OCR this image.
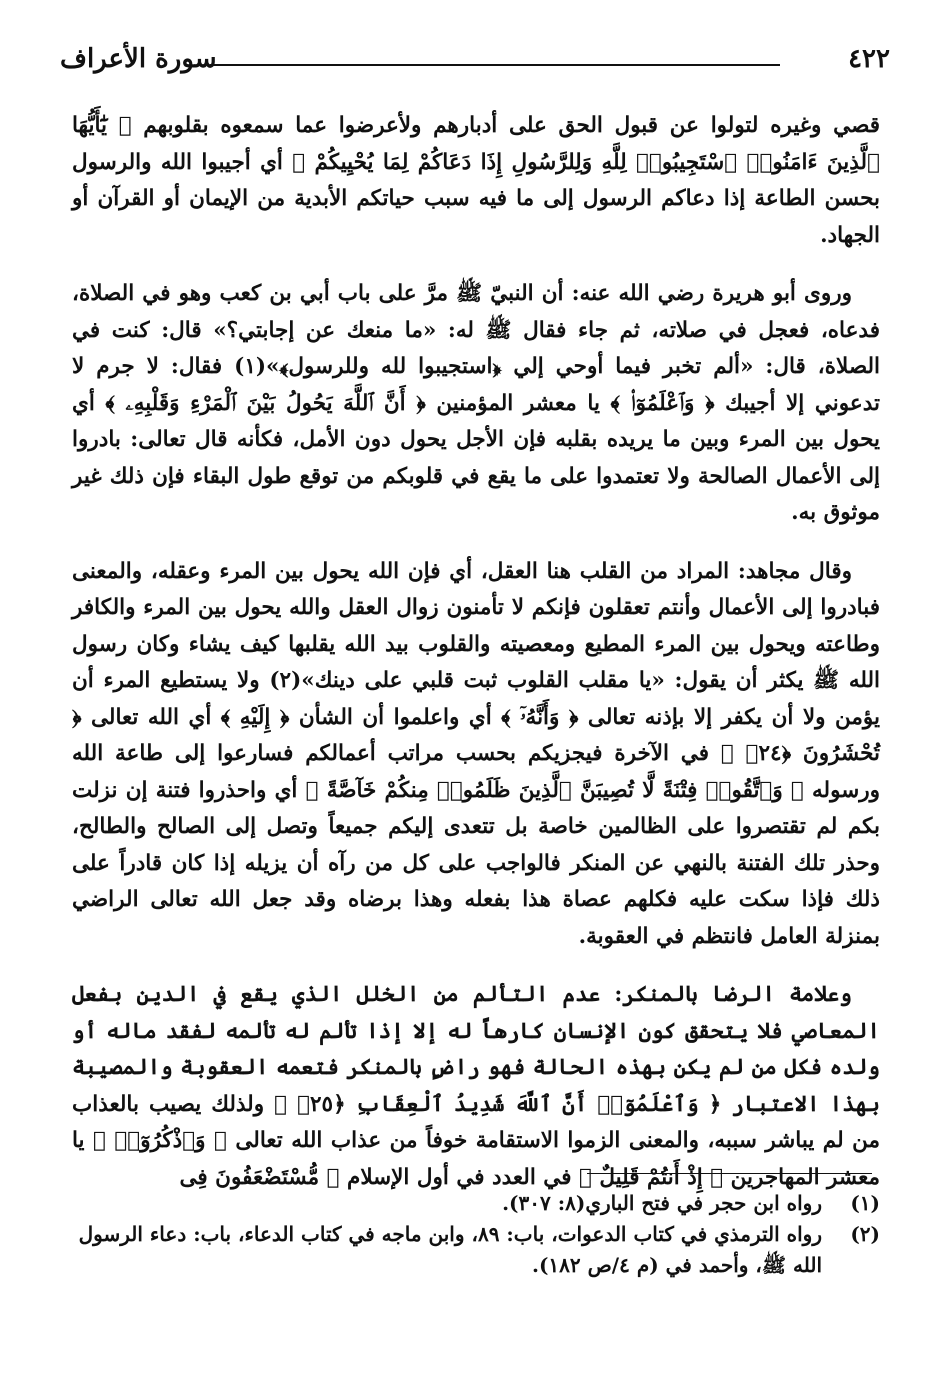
٤٢٢
سورة الأعراف

قصي وغيره لتولوا عن قبول الحق على أدبارهم ولأعرضوا عما سمعوه بقلوبهم ﴿ يَٰٓأَيُّهَا ٱلَّذِينَ ءَامَنُوا۟ ٱسْتَجِيبُوا۟ لِلَّهِ وَلِلرَّسُولِ إِذَا دَعَاكُمْ لِمَا يُحْيِيكُمْ ﴾ أي أجيبوا الله والرسول بحسن الطاعة إذا دعاكم الرسول إلى ما فيه سبب حياتكم الأبدية من الإيمان أو القرآن أو الجهاد.

وروى أبو هريرة رضي الله عنه: أن النبيّ ﷺ مرَّ على باب أبي بن كعب وهو في الصلاة، فدعاه، فعجل في صلاته، ثم جاء فقال ﷺ له: «ما منعك عن إجابتي؟» قال: كنت في الصلاة، قال: «ألم تخبر فيما أوحي إلي ﴿استجيبوا لله وللرسول﴾»(١) فقال: لا جرم لا تدعوني إلا أجيبك ﴿ وَٱعْلَمُوٓا۟ ﴾ يا معشر المؤمنين ﴿ أَنَّ ٱللَّهَ يَحُولُ بَيْنَ ٱلْمَرْءِ وَقَلْبِهِۦ ﴾ أي يحول بين المرء وبين ما يريده بقلبه فإن الأجل يحول دون الأمل، فكأنه قال تعالى: بادروا إلى الأعمال الصالحة ولا تعتمدوا على ما يقع في قلوبكم من توقع طول البقاء فإن ذلك غير موثوق به.

وقال مجاهد: المراد من القلب هنا العقل، أي فإن الله يحول بين المرء وعقله، والمعنى فبادروا إلى الأعمال وأنتم تعقلون فإنكم لا تأمنون زوال العقل والله يحول بين المرء والكافر وطاعته ويحول بين المرء المطيع ومعصيته والقلوب بيد الله يقلبها كيف يشاء وكان رسول الله ﷺ يكثر أن يقول: «يا مقلب القلوب ثبت قلبي على دينك»(٢) ولا يستطيع المرء أن يؤمن ولا أن يكفر إلا بإذنه تعالى ﴿ وَأَنَّهُۥٓ ﴾ أي واعلموا أن الشأن ﴿ إِلَيْهِ ﴾ أي الله تعالى ﴿ تُحْشَرُونَ ﴿٢٤﴾ ﴾ في الآخرة فيجزيكم بحسب مراتب أعمالكم فسارعوا إلى طاعة الله ورسوله ﴿ وَٱتَّقُوا۟ فِتْنَةً لَّا تُصِيبَنَّ ٱلَّذِينَ ظَلَمُوا۟ مِنكُمْ خَآصَّةً ﴾ أي واحذروا فتنة إن نزلت بكم لم تقتصروا على الظالمين خاصة بل تتعدى إليكم جميعاً وتصل إلى الصالح والطالح، وحذر تلك الفتنة بالنهي عن المنكر فالواجب على كل من رآه أن يزيله إذا كان قادراً على ذلك فإذا سكت عليه فكلهم عصاة هذا بفعله وهذا برضاه وقد جعل الله تعالى الراضي بمنزلة العامل فانتظم في العقوبة.

وعلامة الرضا بالمنكر: عدم التألم من الخلل الذي يقع في الدين بفعل المعاصي فلا يتحقق كون الإنسان كارهاً له إلا إذا تألم له تألمه لفقد ماله أو ولده فكل من لم يكن بهذه الحالة فهو راضٍ بالمنكر فتعمه العقوبة والمصيبة بهذا الاعتبار ﴿ وَٱعْلَمُوٓا۟ أَنَّ ٱللَّهَ شَدِيدُ ٱلْعِقَابِ ﴿٢٥﴾ ﴾ ولذلك يصيب بالعذاب من لم يباشر سببه، والمعنى الزموا الاستقامة خوفاً من عذاب الله تعالى ﴿ وَٱذْكُرُوٓا۟ ﴾ يا معشر المهاجرين ﴿ إِذْ أَنتُمْ قَلِيلٌ ﴾ في العدد في أول الإسلام ﴿ مُّسْتَضْعَفُونَ فِى

(١)
رواه ابن حجر في فتح الباري(٨: ٣٠٧).

(٢)
رواه الترمذي في كتاب الدعوات، باب: ٨٩، وابن ماجه في كتاب الدعاء، باب: دعاء الرسول الله ﷺ، وأحمد في (م ٤/ص ١٨٢).
